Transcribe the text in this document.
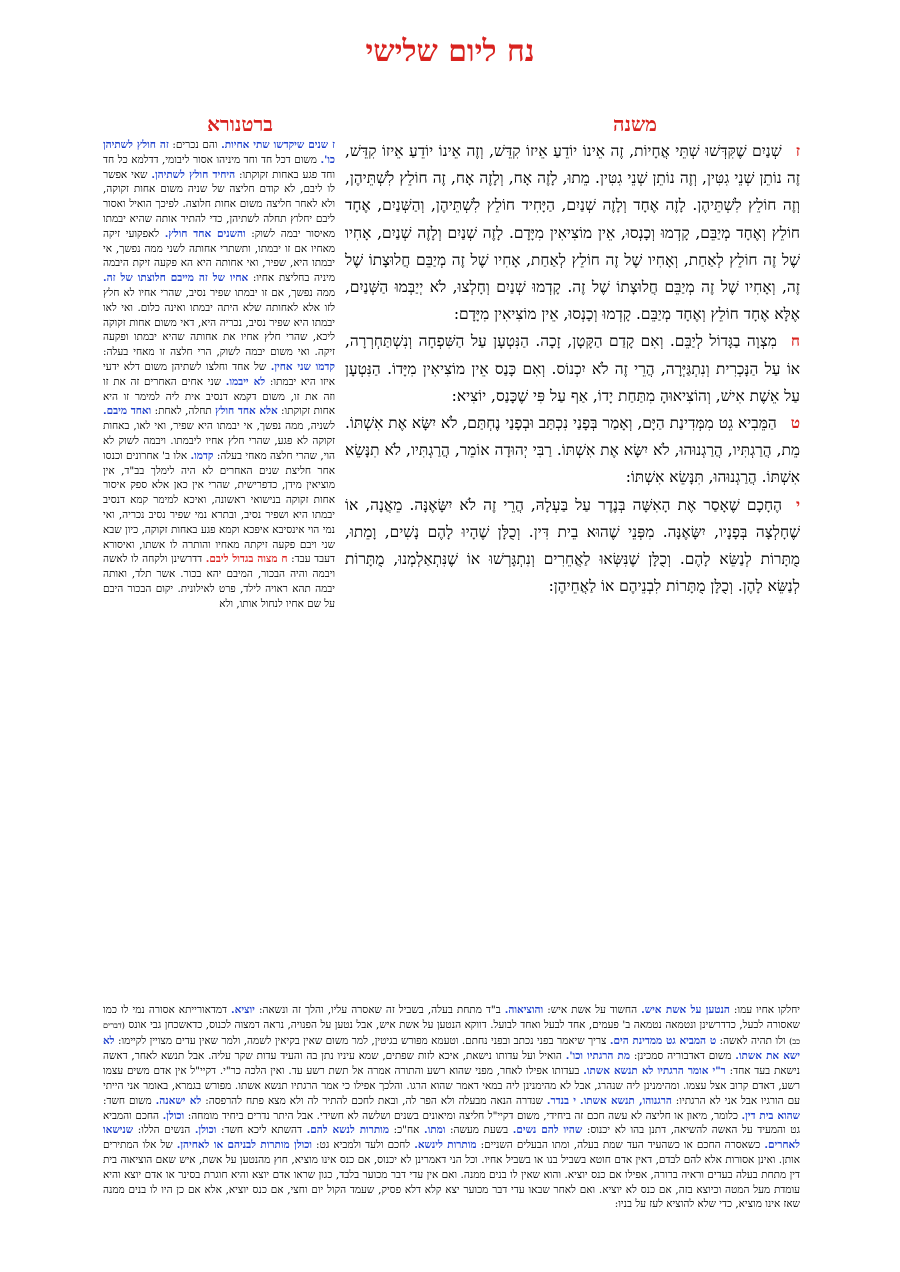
נח ליום שלישי
משנה
ברטנורא

זשְׁנַיִם שֶׁקִּדְּשׁוּ שְׁתֵּי אֲחָיוֹת, זֶה אֵינוֹ יוֹדֵעַ אֵיזוֹ קִדֵּשׁ, וְזֶה אֵינוֹ יוֹדֵעַ אֵיזוֹ קִדֵּשׁ, זֶה נוֹתֵן שְׁנֵי גִטִּין, וְזֶה נוֹתֵן שְׁנֵי גִטִּין. מֵתוּ, לָזֶה אָח, וְלָזֶה אָח, זֶה חוֹלֵץ לִשְׁתֵּיהֶן, וְזֶה חוֹלֵץ לִשְׁתֵּיהֶן. לָזֶה אֶחָד וְלָזֶה שְׁנַיִם, הַיָּחִיד חוֹלֵץ לִשְׁתֵּיהֶן, וְהַשְּׁנַיִם, אֶחָד חוֹלֵץ וְאֶחָד מְיַבֵּם, קָדְמוּ וְכָנְסוּ, אֵין מוֹצִיאִין מִיָּדָם. לָזֶה שְׁנַיִם וְלָזֶה שְׁנַיִם, אָחִיו שֶׁל זֶה חוֹלֵץ לְאַחַת, וְאָחִיו שֶׁל זֶה חוֹלֵץ לְאַחַת, אָחִיו שֶׁל זֶה מְיַבֵּם חֲלוּצָתוֹ שֶׁל זֶה, וְאָחִיו שֶׁל זֶה מְיַבֵּם חֲלוּצָתוֹ שֶׁל זֶה. קָדְמוּ שְׁנַיִם וְחָלְצוּ, לֹא יְיַבְּמוּ הַשְּׁנַיִם, אֶלָּא אֶחָד חוֹלֵץ וְאֶחָד מְיַבֵּם. קָדְמוּ וְכָנְסוּ, אֵין מוֹצִיאִין מִיָּדָם:

חמִצְוָה בַגָּדוֹל לְיַבֵּם. וְאִם קָדַם הַקָּטָן, זָכָה. הַנִּטְעָן עַל הַשִּׁפְחָה וְנִשְׁתַּחְרְרָה, אוֹ עַל הַנָּכְרִית וְנִתְגַּיְּרָה, הֲרֵי זֶה לֹא יִכְנוֹס. וְאִם כָּנַס אֵין מוֹצִיאִין מִיָּדוֹ. הַנִּטְעָן עַל אֵשֶׁת אִישׁ, וְהוֹצִיאוּהָ מִתַּחַת יָדוֹ, אַף עַל פִּי שֶׁכָּנַס, יוֹצִיא:

טהַמֵּבִיא גֵט מִמְּדִינַת הַיָּם, וְאָמַר בְּפָנַי נִכְתַּב וּבְפָנַי נֶחְתַּם, לֹא יִשָּׂא אֶת אִשְׁתּוֹ. מֵת, הֲרַגְתִּיו, הֲרַגְנוּהוּ, לֹא יִשָּׂא אֶת אִשְׁתּוֹ. רַבִּי יְהוּדָה אוֹמֵר, הֲרַגְתִּיו, לֹא תִנָּשֵׂא אִשְׁתּוֹ. הֲרַגְנוּהוּ, תִּנָּשֵׂא אִשְׁתּוֹ:

יהֶחָכָם שֶׁאָסַר אֶת הָאִשָּׁה בְּנֶדֶר עַל בַּעְלָהּ, הֲרֵי זֶה לֹא יִשָּׂאֶנָּה. מֵאֲנָה, אוֹ שֶׁחָלְצָה בְּפָנָיו, יִשָּׂאֶנָּה. מִפְּנֵי שֶׁהוּא בֵית דִּין. וְכֻלָּן שֶׁהָיוּ לָהֶם נָשִׁים, וָמֵתוּ, מֻתָּרוֹת לְנַשֵּׂא לָהֶם. וְכֻלָּן שֶׁנִּשְּׂאוּ לַאֲחֵרִים וְנִתְגָּרְשׁוּ אוֹ שֶׁנִּתְאַלְמְנוּ, מֻתָּרוֹת לְנַשֵּׂא לָהֶן. וְכֻלָּן מֻתָּרוֹת לִבְנֵיהֶם אוֹ לַאֲחֵיהֶן:

ז שנים שיקדשו שתי אחיות. והם נכרים: זה חולץ לשתיהן כו'. משום דכל חד וחד מיניהו אסור ליבומי, דדלמא כל חד וחד פגע באחות זקוקתו: היחיד חולץ לשתיהן. שאי אפשר לו ליבם, לא קודם חליצה של שניה משום אחות זקוקה, ולא לאחר חליצה משום אחות חלוצה. לפיכך הואיל ואסור ליבם יחלוץ תחלה לשתיהן, כדי להתיר אותה שהיא יבמתו מאיסור יבמה לשוק: והשנים אחד חולץ. לאפקועי זיקה מאחיו אם זו יבמתו, ותשתרי אחותה לשני ממה נפשך, אי יבמתו היא, שפיר, ואי אחותה היא הא פקעה זיקת היבמה מיניה בחליצת אחיו: אחיו של זה מייבם חלוצתו של זה. ממה נפשך, אם זו יבמתו שפיר נסיב, שהרי אחיו לא חלץ לזו אלא לאחותה שלא היתה יבמתו ואינה כלום. ואי לאו יבמתו היא שפיר נסיב, נכריה היא, דאי משום אחות זקוקה ליכא, שהרי חלץ אחיו את אחותה שהיא יבמתו ופקעה זיקה. ואי משום יבמה לשוק, הרי חלצה זו מאחי בעלה: קדמו שני אחין. של אחד וחלצו לשתיהן משום דלא ידעי איזו היא יבמתו: לא ייבמו. שני אחים האחרים זה את זו וזה את זו, משום דקמא דנסיב אית ליה למימר זו היא אחות זקוקתו: אלא אחד חולץ תחלה, לאחת: ואחד מיבם. לשניה, ממה נפשך, אי יבמתו היא שפיר, ואי לאו, באחות זקוקה לא פגע, שהרי חלץ אחיו ליבמתו. ויבמה לשוק לא הוי, שהרי חלצה מאחי בעלה: קדמו. אלו ב' אחרונים וכנסו אחר חליצת שנים האחרים לא היה לימלך בב"ד, אין מוציאין מידן, כדפרישית, שהרי אין כאן אלא ספק איסור אחות זקוקה בנישואי ראשונה, ואיכא למימר קמא דנסיב יבמתו היא ושפיר נסיב, ובתרא נמי שפיר נסיב נכריה, ואי נמי הוי אינסיבא איפכא וקמא פגע באחות זקוקה, כיון שבא שני ויבם פקעה זיקתה מאחיו והותרה לו אשתו, ואיסורא דעבד עבד: ח מצוה בגדול ליבם. דדרשינן ולקחה לו לאשה ויבמה והיה הבכור, המיבם יהא בכור. אשר תלד, ואותה יבמה תהא ראויה לילד, פרט לאילונית. יקום הבכור היבם על שם אחיו לנחול אותו, ולא

יחלקו אחיו עמו: הנטען על אשת איש. החשוד על אשת איש: והוציאוה. ב"ד מתחת בעלה, בשביל זה שאסרה עליו, והלך זה ונשאה: יוציא. דמדאורייתא אסורה נמי לו כמו שאסורה לבעל, כדדרשינן ונטמאה נטמאה ב' פעמים, אחד לבעל ואחד לבועל. דווקא הנטען על אשת איש, אבל נטען על הפנויה, נראה דמצוה לכנוס, כדאשכחן גבי אונס (דברים כב) ולו תהיה לאשה: ט המביא גט ממדינת הים. צריך שיאמר בפני נכתב ובפני נחתם. וטעמא מפורש בגיטין, למר משום שאין בקיאין לשמה, ולמר שאין עדים מצויין לקיימו: לא ישא את אשתו. משום דאדבוריה סמכינן: מת הרגתיו וכו'. הואיל ועל עדותו נישאת, איכא לזות שפתים, שמא עיניו נתן בה והעיד עדות שקר עליה. אבל תנשא לאחר, דאשה נישאת בעד אחד: ר"י אומר הרגתיו לא תנשא אשתו. בעדותו אפילו לאחר, מפני שהוא רשע והתורה אמרה אל תשת רשע עד. ואין הלכה כר"י. דקיי"ל אין אדם משים עצמו רשע, דאדם קרוב אצל עצמו. ומהימנינן ליה שנהרג, אבל לא מהימנינן ליה במאי דאמר שהוא הרגו. והלכך אפילו כי אמר הרגתיו תנשא אשתו. מפורש בגמרא, באומר אני הייתי עם הורגיו אבל אני לא הרגתיו: הרגנוהו, תנשא אשתו. י בנדר. שנדרה הנאה מבעלה ולא הפר לה, ובאת לחכם להתיר לה ולא מצא פתח להרפסה: לא ישאנה. משום חשד: שהוא בית דין. כלומר, מיאון או חליצה לא עשה חכם זה ביחידי, משום דקיי"ל חליצה ומיאונים בשנים ושלשה לא חשידי. אבל היתר נדרים ביחיד מומחה: וכולן. החכם והמביא גט והמעיד על האשה להשיאה, דתנן בהו לא יכנוס: שהיו להם נשים. בשעת מעשה: ומתו. אח"כ: מותרות לנשא להם. דהשתא ליכא חשד: וכולן. הנשים הללו: שנישאו לאחרים. כשאסרה החכם או כשהעיד העד שמת בעלה, ומתו הבעלים השניים: מותרות לינשא. לחכם ולעד ולמביא גט: וכולן מותרות לבניהם או לאחיהן. של אלו המתירים אותן. ואינן אסורות אלא להם לבדם, דאין אדם חוטא בשביל בנו או בשביל אחיו. וכל הני דאמרינן לא יכנוס, אם כנס אינו מוציא, חוץ מהנטען על אשת, איש שאם הוציאוה בית דין מתחת בעלה בעדים וראיה ברורה, אפילו אם כנס יוציא. והוא שאין לו בנים ממנה. ואם אין עדי דבר מכוער בלבד, כגון שראו אדם יוצא והיא חוגרת בסינר או אדם יוצא והיא עומדת מעל המטה וכיוצא בזה, אם כנס לא יוציא. ואם לאחר שבאו עדי דבר מכוער יצא קלא דלא פסיק, שעמד הקול יום וחצי, אם כנס יוציא, אלא אם כן היו לו בנים ממנה שאז אינו מוציא, כדי שלא להוציא לעז על בניו:
